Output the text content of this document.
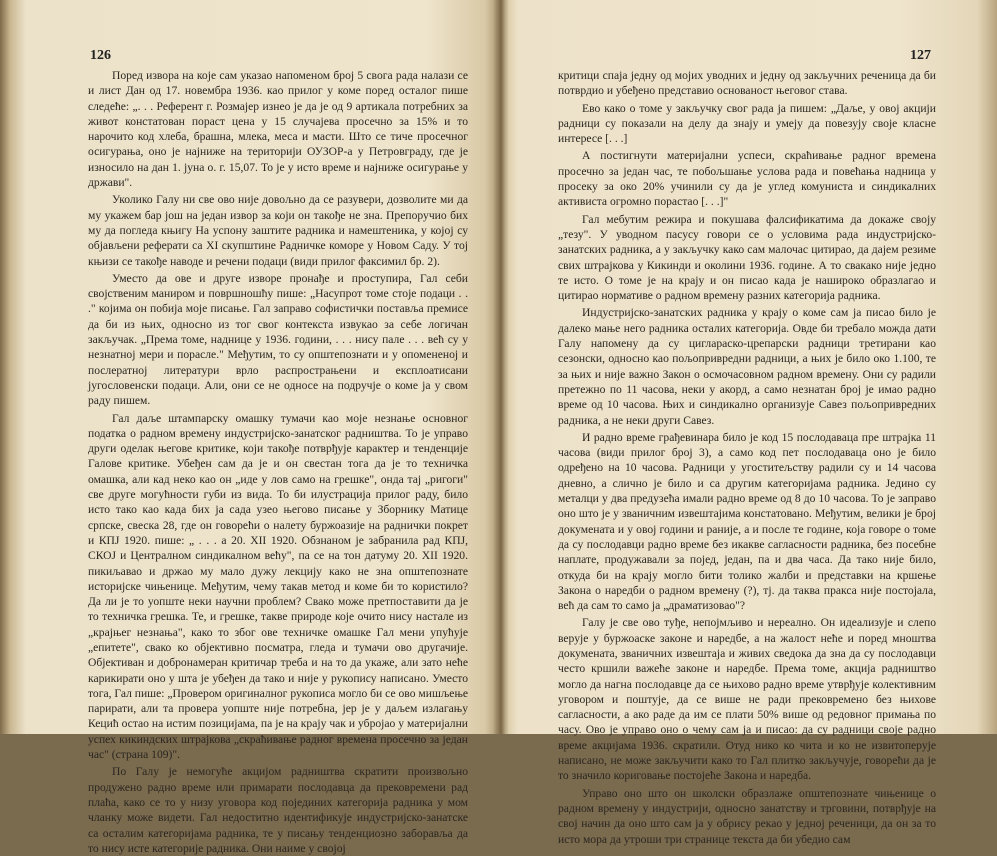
126

Поред извора на које сам указао напоменом број 5 свога рада налази се и лист Дан од 17. новембра 1936. као прилог у коме поред осталог пише следеће: „. . . Референт г. Розмајер изнео је да је од 9 артикала потребних за живот констатован пораст цена у 15 случајева просечно за 15% и то нарочито код хлеба, брашна, млека, меса и масти. Што се тиче просечног осигурања, оно је најниже на територији ОУЗОР-а у Петровграду, где је износило на дан 1. јуна о. г. 15,07. То је у исто време и најниже осигурање у држави".

Уколико Галу ни све ово није довољно да се разувери, дозволите ми да му укажем бар још на један извор за који он такође не зна. Препоручио бих му да погледа књигу На успону заштите радника и намештеника, у којој су објављени реферати са XI скупштине Радничке коморе у Новом Саду. У тој књизи се такође наводе и речени подаци (види прилог факсимил бр. 2).

Уместо да ове и друге изворе пронађе и проступира, Гал себи својственим маниром и површношћу пише: „Насупрот томе стоје подаци . . ." којима он побија моје писање. Гал заправо софистички поставља премисе да би из њих, односно из тог свог контекста извукао за себе логичан закључак. „Према томе, наднице у 1936. години, . . . нису пале . . . већ су у незнатној мери и порасле." Међутим, то су општепознати и у опомененој и послератној литератури врло распрострањени и експлоатисани југословенски подаци. Али, они се не односе на подручје о коме ја у свом раду пишем.

Гал даље штампарску омашку тумачи као моје незнање основног податка о радном времену индустријско-занатског радништва. То је управо други оделак његове критике, који такође потврђује карактер и тенденције Галове критике. Убеђен сам да је и он свестан тога да је то техничка омашка, али кад неко као он „иде у лов само на грешке", онда тај „ригоги" све друге могућности губи из вида. То би илустрација прилог раду, било исто тако као када бих ја сада узео његово писање у Зборнику Матице српске, свеска 28, где он говорећи о налету буржоазије на раднички покрет и КПЈ 1920. пише: „ . . . а 20. XII 1920. Обзнаном је забранила рад КПЈ, СКОЈ и Централном синдикалном већу", па се на тон датуму 20. XII 1920. пикиљавао и држао му мало дужу лекцију како не зна општепознате историјске чињенице. Међутим, чему такав метод и коме би то користило? Да ли је то уопште неки научни проблем? Свако може претпоставити да је то техничка грешка. Те, и грешке, такве природе које очито нису настале из „крајњег незнања", како то због ове техничке омашке Гал мени упућује „епитете", свако ко објективно посматра, гледа и тумачи ово другачије. Објективан и добронамеран критичар треба и на то да укаже, али зато неће карикирати оно у шта је убеђен да тако и није у рукопису написано. Уместо тога, Гал пише: „Провером оригиналног рукописа могло би се ово мишљење парирати, али та провера уопште није потребна, јер је у даљем излагању Кецић остао на истим позицијама, па је на крају чак и убројао у материјални успех кикиндских штрајкова „скраћивање радног времена просечно за један час" (страна 109)".

По Галу је немогуће акцијом радништва скратити произвољно продужено радно време или примарати послодавца да прековремени рад плаћа, како се то у низу уговора код појединих категорија радника у мом чланку може видети. Гал недоститно идентификује индустријско-занатске са осталим категоријама радника, те у писању тенденциозно заборавља да то нису исте категорије радника. Они наиме у својој

127

критици спаја једну од мојих уводних и једну од закључних реченица да би потврдио и убеђено представио основаност његовог става.

Ево како о томе у закључку свог рада ја пишем: „Даље, у овој акцији радници су показали на делу да знају и умеју да повезују своје класне интересе [. . .]

А постигнути материјални успеси, скраћивање радног времена просечно за један час, те побољшање услова рада и повећања надница у просеку за око 20% учинили су да је углед комуниста и синдикалних активиста огромно порастао [. . .]"

Гал мебутим режира и покушава фалсификатима да докаже своју „тезу". У уводном пасусу говори се о условима рада индустријско-занатских радника, а у закључку како сам малочас цитирао, да дајем резиме свих штрајкова у Кикинди и околини 1936. године. А то свакако није једно те исто. О томе је на крају и он писао када је нашироко образлагао и цитирао нормативе о радном времену разних категорија радника.

Индустријско-занатских радника у крају о коме сам ја писао било је далеко мање него радника осталих категорија. Овде би требало можда дати Галу напомену да су циглараско-црепарски радници третирани као сезонски, односно као пољопривредни радници, а њих је било око 1.100, те за њих и није важно Закон о осмочасовном радном времену. Они су радили претежно по 11 часова, неки у акорд, а само незнатан број је имао радно време од 10 часова. Њих и синдикално организује Савез пољопривредних радника, а не неки други Савез.

И радно време грађевинара било је код 15 послодаваца пре штрајка 11 часова (види прилог број 3), а само код пет послодаваца оно је било одређено на 10 часова. Радници у угоститељству радили су и 14 часова дневно, а слично је било и са другим категоријама радника. Једино су метaлци у два предузећа имали радно време од 8 до 10 часова. То је заправо оно што је у званичним извештајима констатовано. Међутим, велики је број докумената и у овој години и ранијe, а и после те године, која говоре о томе да су послодавци радно време без икакве сагласности радника, без посебне наплате, продужавали за појед, један, па и два часа. Да тако није било, откуда би на крају могло бити толико жалби и представки на кршење Закона о наредби о радном времену (?), тј. да таква пракса није постојала, већ да сам то само ја „драматизовао"?

Галу је све ово туђе, непојмљиво и нереално. Он идеализује и слепо верује у буржоаске законе и наредбе, а на жалост неће и поред мноштва докумената, званичних извештаја и живих сведока да зна да су послодавци често кршили важеће законе и наредбе. Према томе, акција радништво могло да нагна послодавце да се њихово радно време утврђује колективним уговором и поштује, да се више не ради прековремено без њихове сагласности, а ако раде да им се плати 50% више од редовног примања по часу. Ово је управо оно о чему сам ја и писао: да су радници своје радно време акцијама 1936. скратили. Отуд нико ко чита и ко не извитоперује написано, не може закључити како то Гал плитко закључује, говорећи да је то значило кориговање постојеће Закона и наредба.

Управо оно што он школски образлаже општепознате чињенице о радном времену у индустрији, односно занатству и трговини, потврђује на свој начин да оно што сам ја у обрису рекао у једној реченици, да он за то исто мора да утроши три странице текста да би убедио сам
